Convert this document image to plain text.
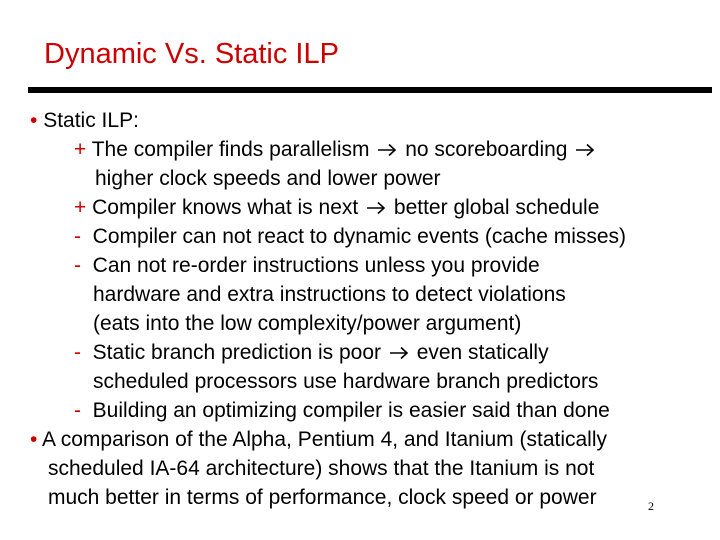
Dynamic Vs. Static ILP
• Static ILP:
+ The compiler finds parallelism no scoreboarding
higher clock speeds and lower power
+ Compiler knows what is next better global schedule
- Compiler can not react to dynamic events (cache misses)
- Can not re-order instructions unless you provide
hardware and extra instructions to detect violations
(eats into the low complexity/power argument)
- Static branch prediction is poor even statically
scheduled processors use hardware branch predictors
- Building an optimizing compiler is easier said than done
• A comparison of the Alpha, Pentium 4, and Itanium (statically
scheduled IA-64 architecture) shows that the Itanium is not
much better in terms of performance, clock speed or power	2
